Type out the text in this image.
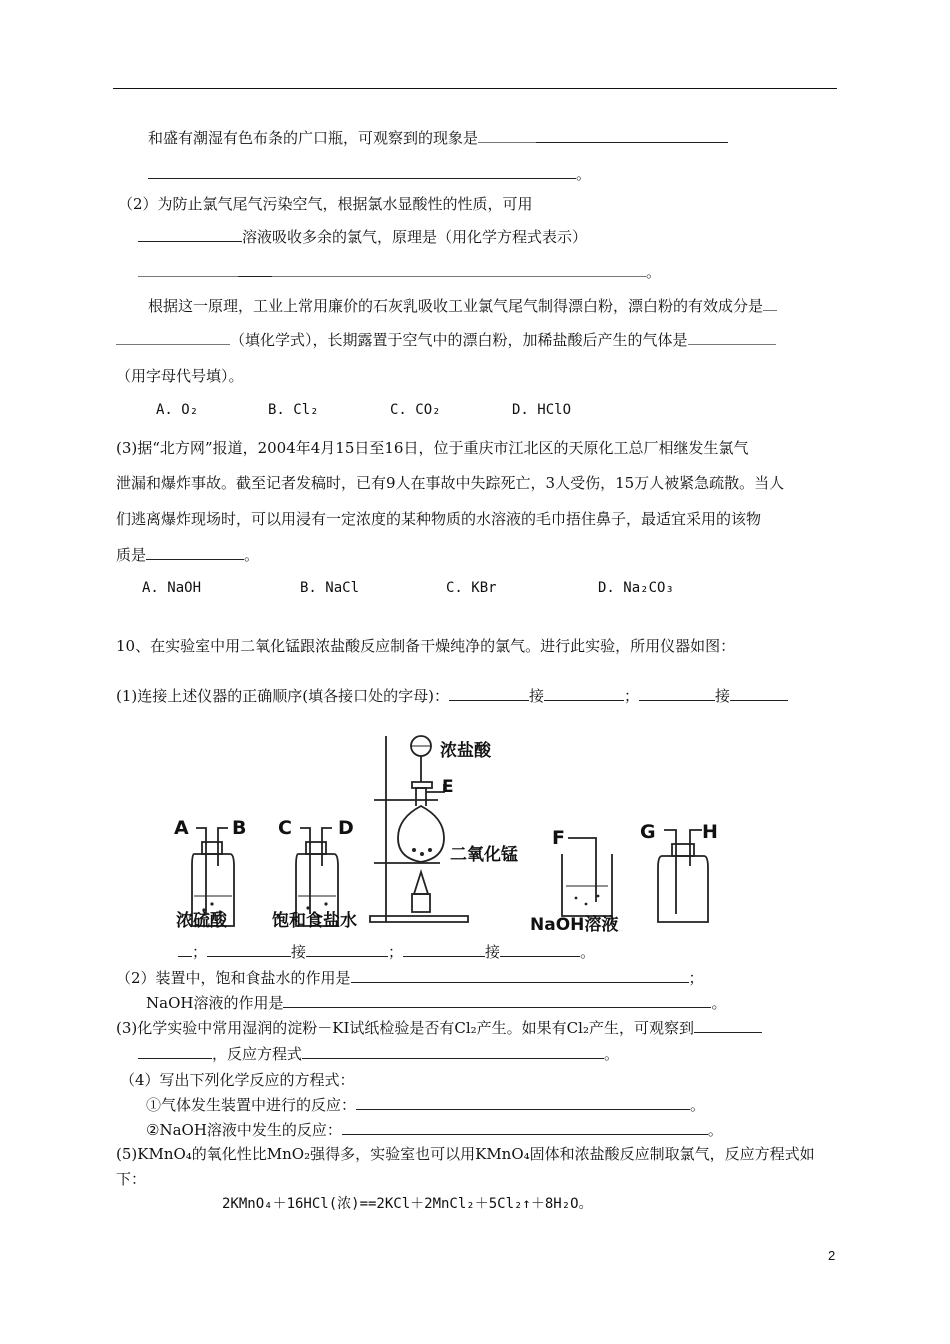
和盛有潮湿有色布条的广口瓶，可观察到的现象是
。
（2）为防止氯气尾气污染空气，根据氯水显酸性的性质，可用
溶液吸收多余的氯气，原理是（用化学方程式表示）
。
根据这一原理，工业上常用廉价的石灰乳吸收工业氯气尾气制得漂白粉，漂白粉的有效成分是
（填化学式），长期露置于空气中的漂白粉，加稀盐酸后产生的气体是
（用字母代号填）。
A. O₂	B. Cl₂	C. CO₂	D. HClO
(3)据“北方网”报道，2004年4月15日至16日，位于重庆市江北区的天原化工总厂相继发生氯气
泄漏和爆炸事故。截至记者发稿时，已有9人在事故中失踪死亡，3人受伤，15万人被紧急疏散。当人
们逃离爆炸现场时，可以用浸有一定浓度的某种物质的水溶液的毛巾捂住鼻子，最适宜采用的该物
质是	。
A. NaOH	B. NaCl	C. KBr	D. Na₂CO₃
10、在实验室中用二氧化锰跟浓盐酸反应制备干燥纯净的氯气。进行此实验，所用仪器如图：
(1)连接上述仪器的正确顺序(填各接口处的字母)：	接	；	接
浓盐酸
E
二氧化锰
A B C D	F	G H
浓硫酸	饱和食盐水	NaOH溶液
；	接	；	接	。
（2）装置中，饱和食盐水的作用是	；
NaOH溶液的作用是	。
(3)化学实验中常用湿润的淀粉－KI试纸检验是否有Cl₂产生。如果有Cl₂产生，可观察到
，反应方程式	。
（4）写出下列化学反应的方程式：
①气体发生装置中进行的反应：	。
②NaOH溶液中发生的反应：	。
(5)KMnO₄的氧化性比MnO₂强得多，实验室也可以用KMnO₄固体和浓盐酸反应制取氯气，反应方程式如
下：
2KMnO₄＋16HCl(浓)==2KCl＋2MnCl₂＋5Cl₂↑＋8H₂O。
2
